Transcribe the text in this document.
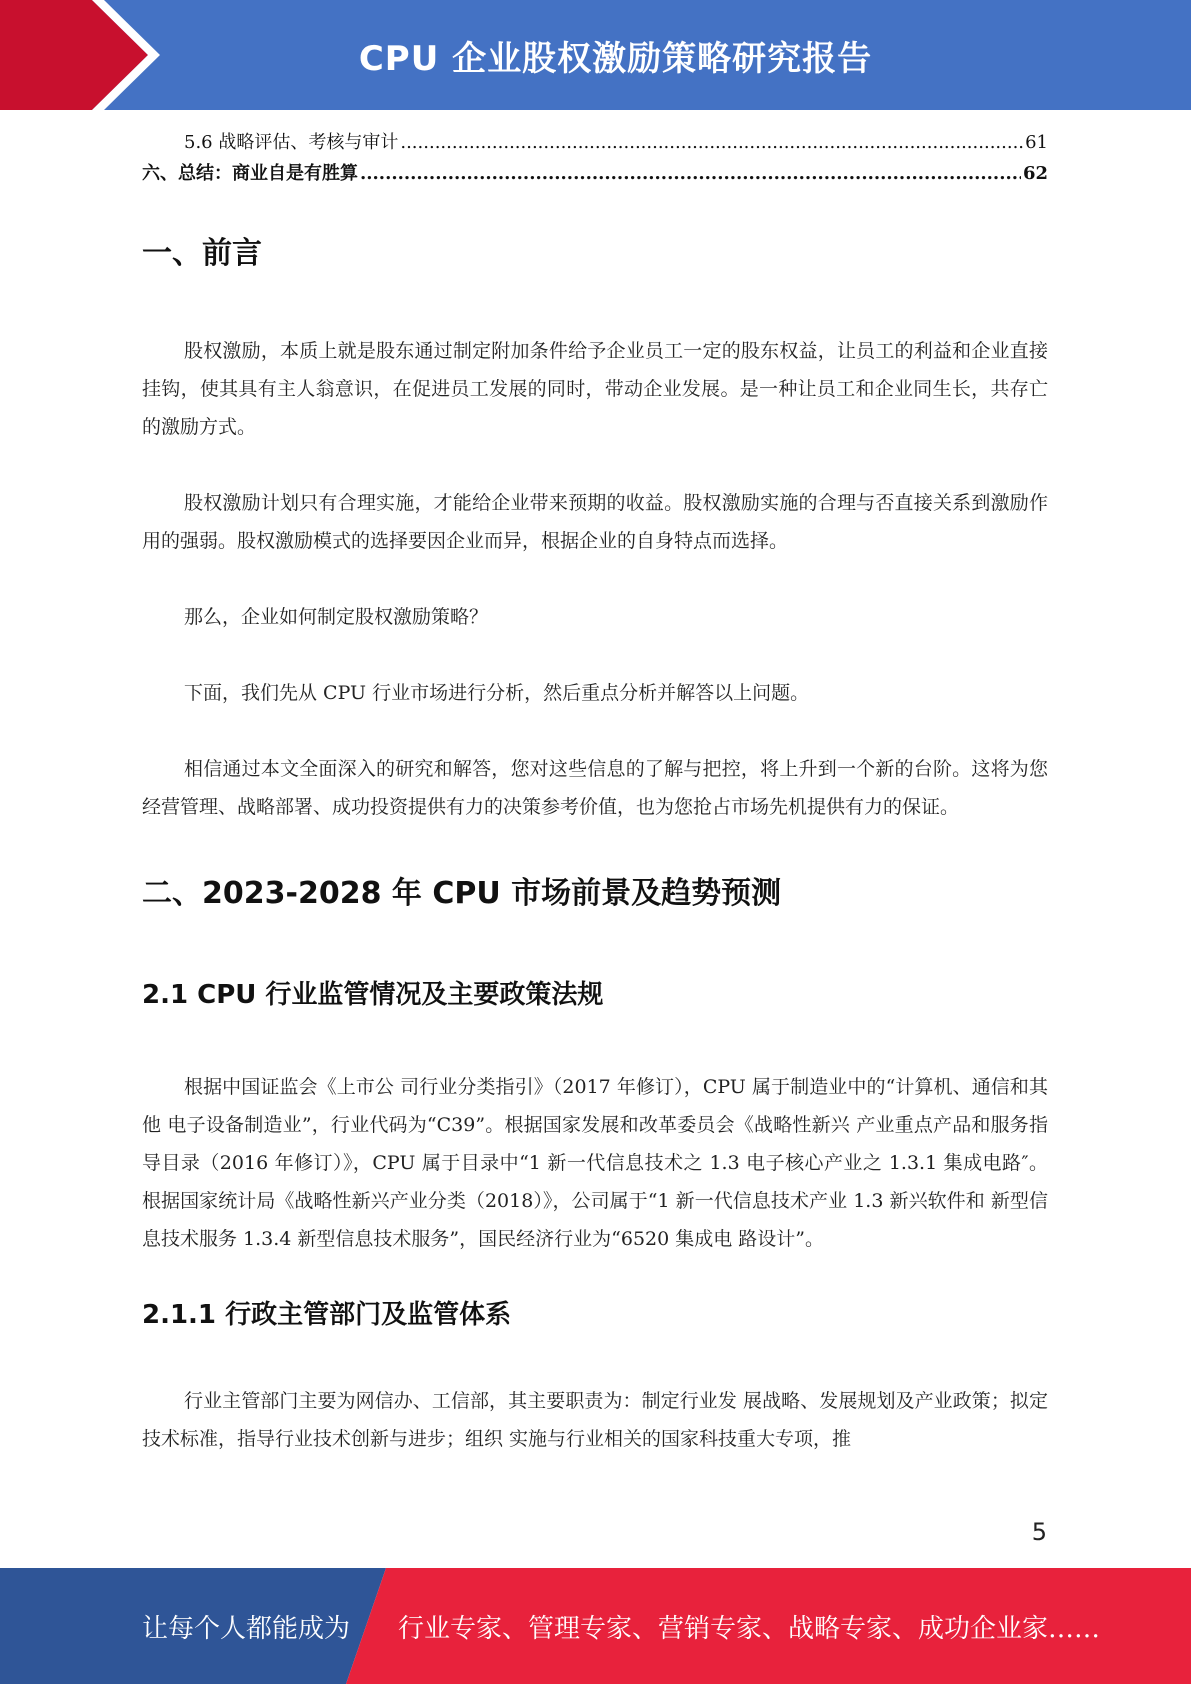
CPU 企业股权激励策略研究报告
5.6 战略评估、考核与审计 .....	61
六、总结：商业自是有胜算 .....	62
一、前言

股权激励，本质上就是股东通过制定附加条件给予企业员工一定的股东权益，让员工的利益和企业直接挂钩，使其具有主人翁意识，在促进员工发展的同时，带动企业发展。是一种让员工和企业同生长，共存亡的激励方式。

股权激励计划只有合理实施，才能给企业带来预期的收益。股权激励实施的合理与否直接关系到激励作用的强弱。股权激励模式的选择要因企业而异，根据企业的自身特点而选择。

那么，企业如何制定股权激励策略？

下面，我们先从 CPU 行业市场进行分析，然后重点分析并解答以上问题。

相信通过本文全面深入的研究和解答，您对这些信息的了解与把控，将上升到一个新的台阶。这将为您经营管理、战略部署、成功投资提供有力的决策参考价值，也为您抢占市场先机提供有力的保证。

二、2023-2028 年 CPU 市场前景及趋势预测
2.1 CPU 行业监管情况及主要政策法规

根据中国证监会《上市公 司行业分类指引》（2017 年修订），CPU 属于制造业中的“计算机、通信和其他 电子设备制造业”，行业代码为“C39”。根据国家发展和改革委员会《战略性新兴 产业重点产品和服务指导目录（2016 年修订）》，CPU 属于目录中“1 新一代信息技术之 1.3 电子核心产业之 1.3.1 集成电路″。根据国家统计局《战略性新兴产业分类（2018）》，公司属于“1 新一代信息技术产业 1.3 新兴软件和 新型信息技术服务 1.3.4 新型信息技术服务”，国民经济行业为“6520 集成电 路设计”。

2.1.1 行政主管部门及监管体系

行业主管部门主要为网信办、工信部，其主要职责为：制定行业发 展战略、发展规划及产业政策；拟定技术标准，指导行业技术创新与进步；组织 实施与行业相关的国家科技重大专项，推

5
让每个人都能成为 行业专家、管理专家、营销专家、战略专家、成功企业家……
